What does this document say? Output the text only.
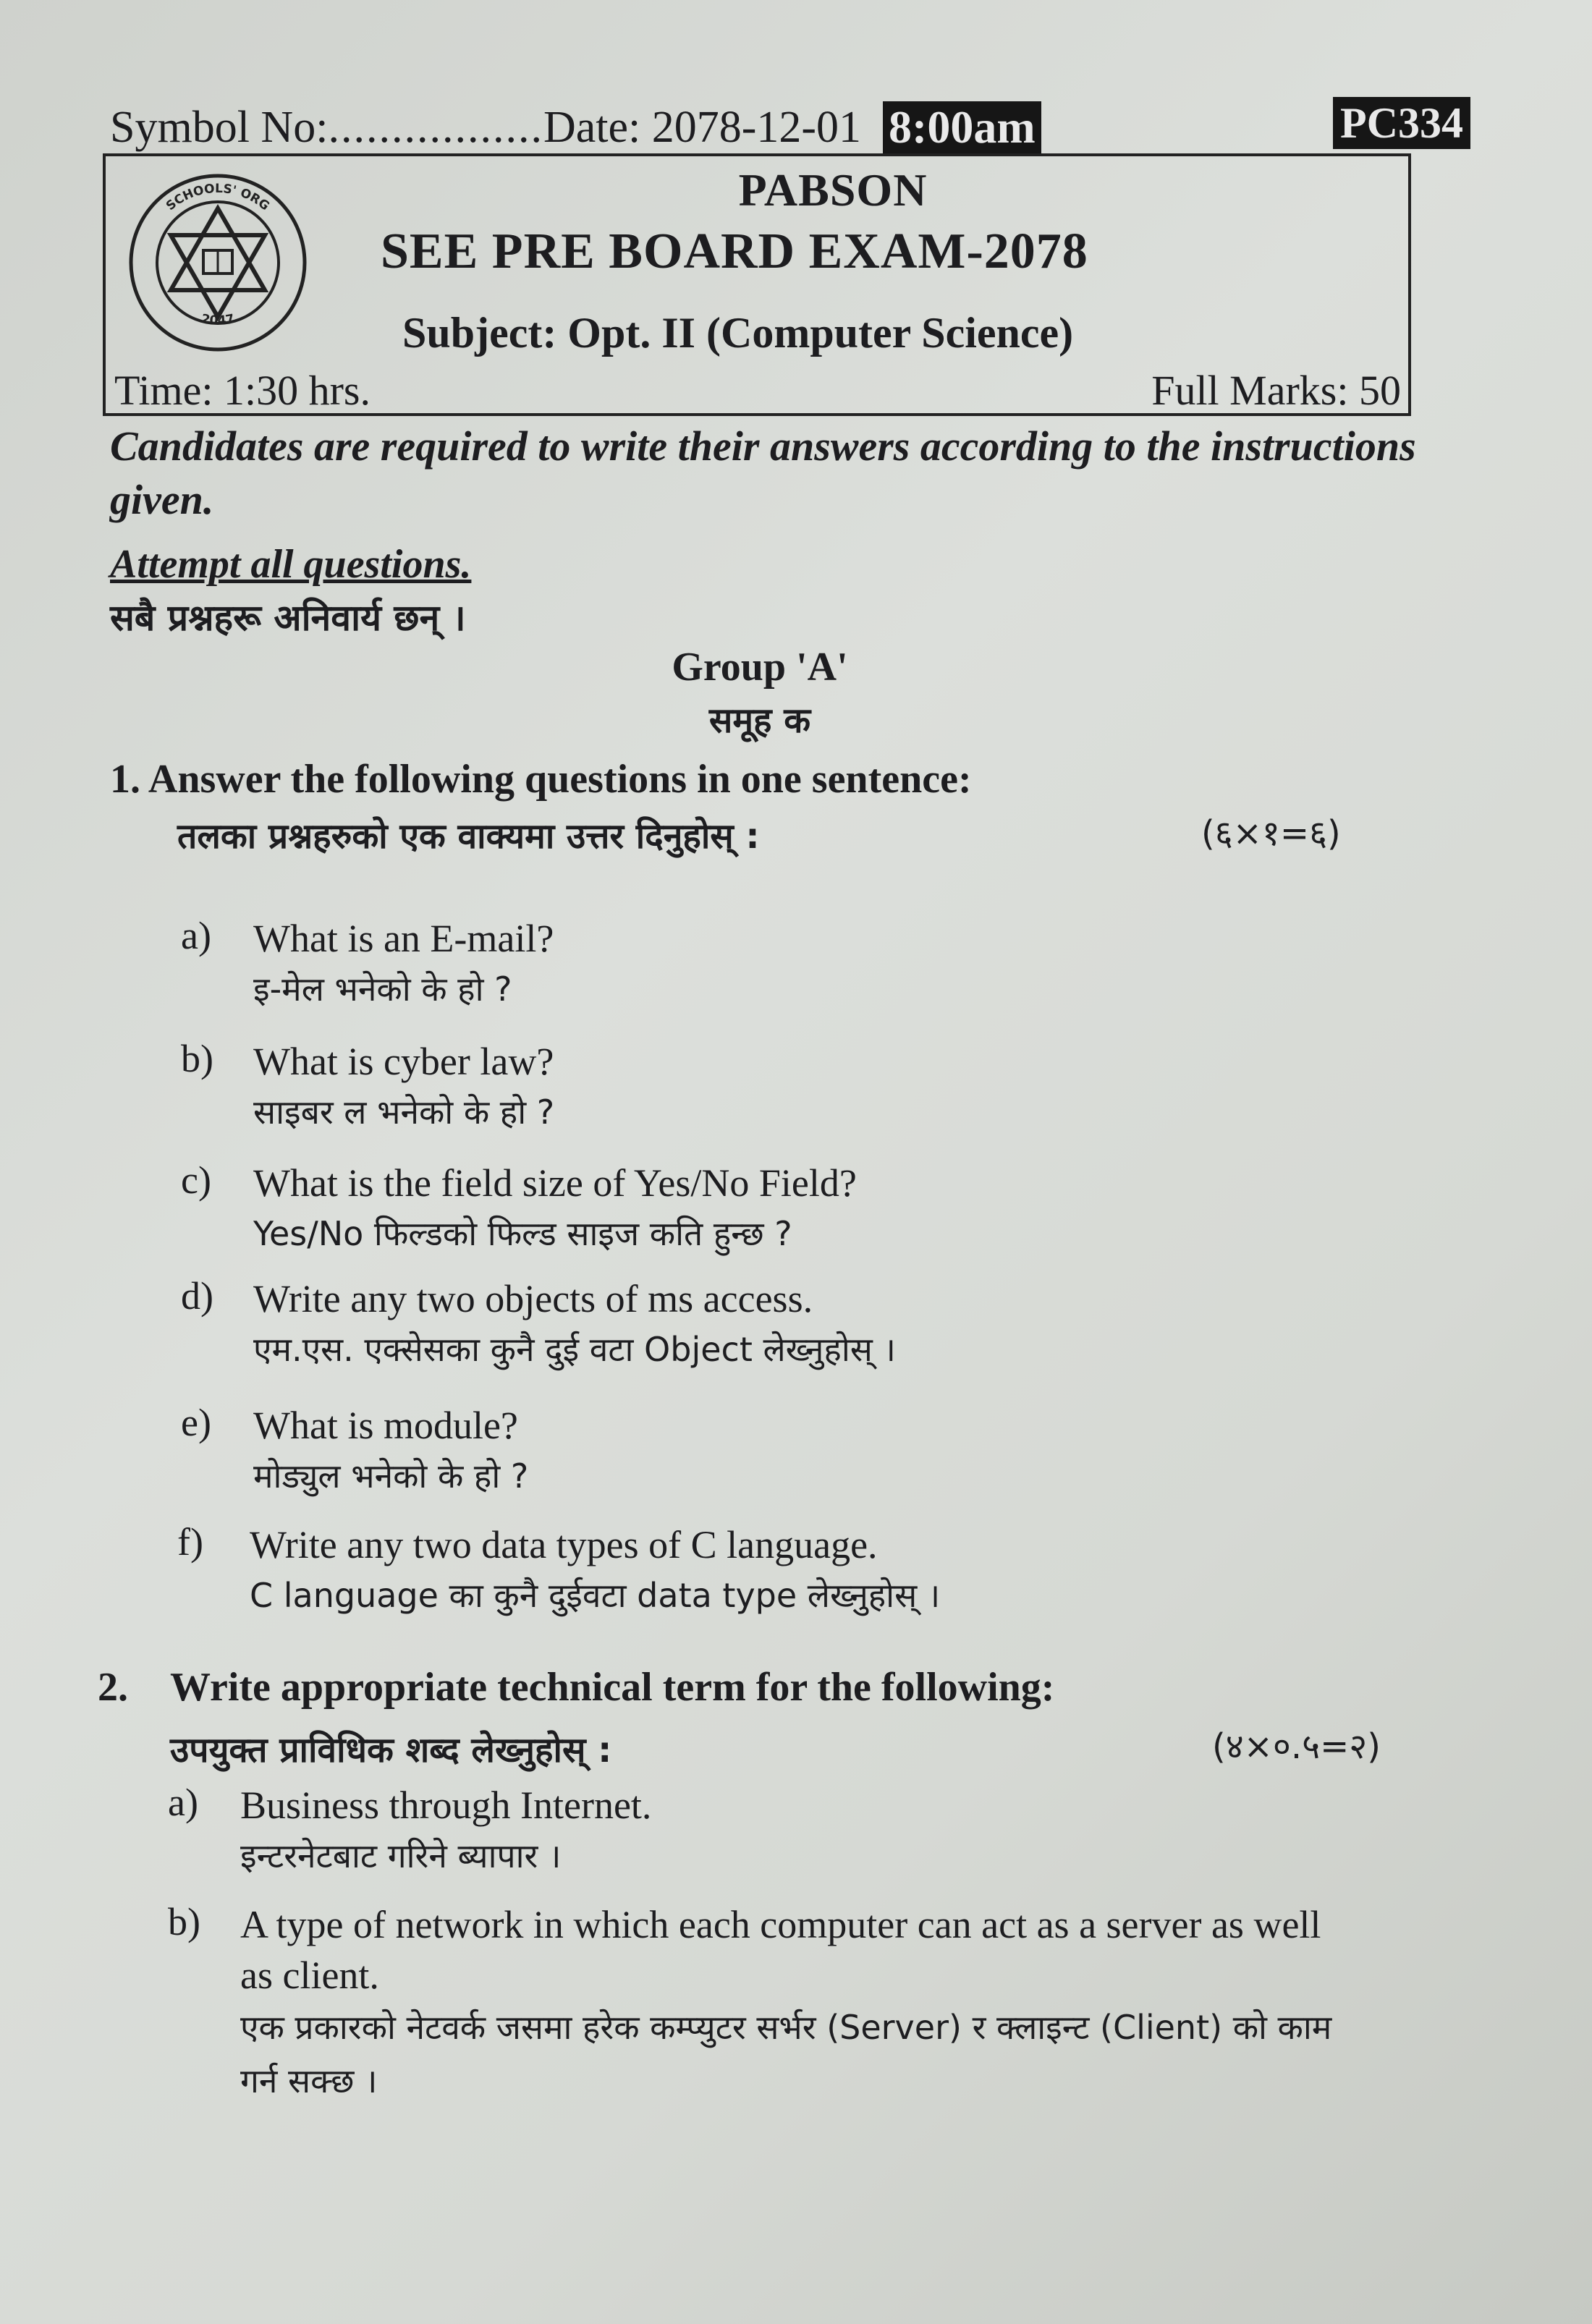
Symbol No: ................. Date: 2078-12-01 8:00am	PC334
SCHOOLS' ORG
2047
PABSON
SEE PRE BOARD EXAM-2078
Subject: Opt. II (Computer Science)
Time: 1:30 hrs.	Full Marks: 50
Candidates are required to write their answers according to the instructions given.
Attempt all questions.
सबै प्रश्नहरू अनिवार्य छन् ।
Group 'A'
समूह क
1. Answer the following questions in one sentence:
तलका प्रश्नहरुको एक वाक्यमा उत्तर दिनुहोस् :	(६×१=६)
a)	What is an E-mail?
इ-मेल भनेको के हो ?
b)	What is cyber law?
साइबर ल भनेको के हो ?
c)	What is the field size of Yes/No Field?
Yes/No फिल्डको फिल्ड साइज कति हुन्छ ?
d)	Write any two objects of ms access.
एम.एस. एक्सेसका कुनै दुई वटा Object लेख्नुहोस् ।
e)	What is module?
मोड्युल भनेको के हो ?
f)	Write any two data types of C language.
C language का कुनै दुईवटा data type लेख्नुहोस् ।
2. Write appropriate technical term for the following:
उपयुक्त प्राविधिक शब्द लेख्नुहोस् :	(४×०.५=२)
a)	Business through Internet.
इन्टरनेटबाट गरिने ब्यापार ।
b)	A type of network in which each computer can act as a server as well as client.
एक प्रकारको नेटवर्क जसमा हरेक कम्प्युटर सर्भर (Server) र क्लाइन्ट (Client) को काम गर्न सक्छ ।
